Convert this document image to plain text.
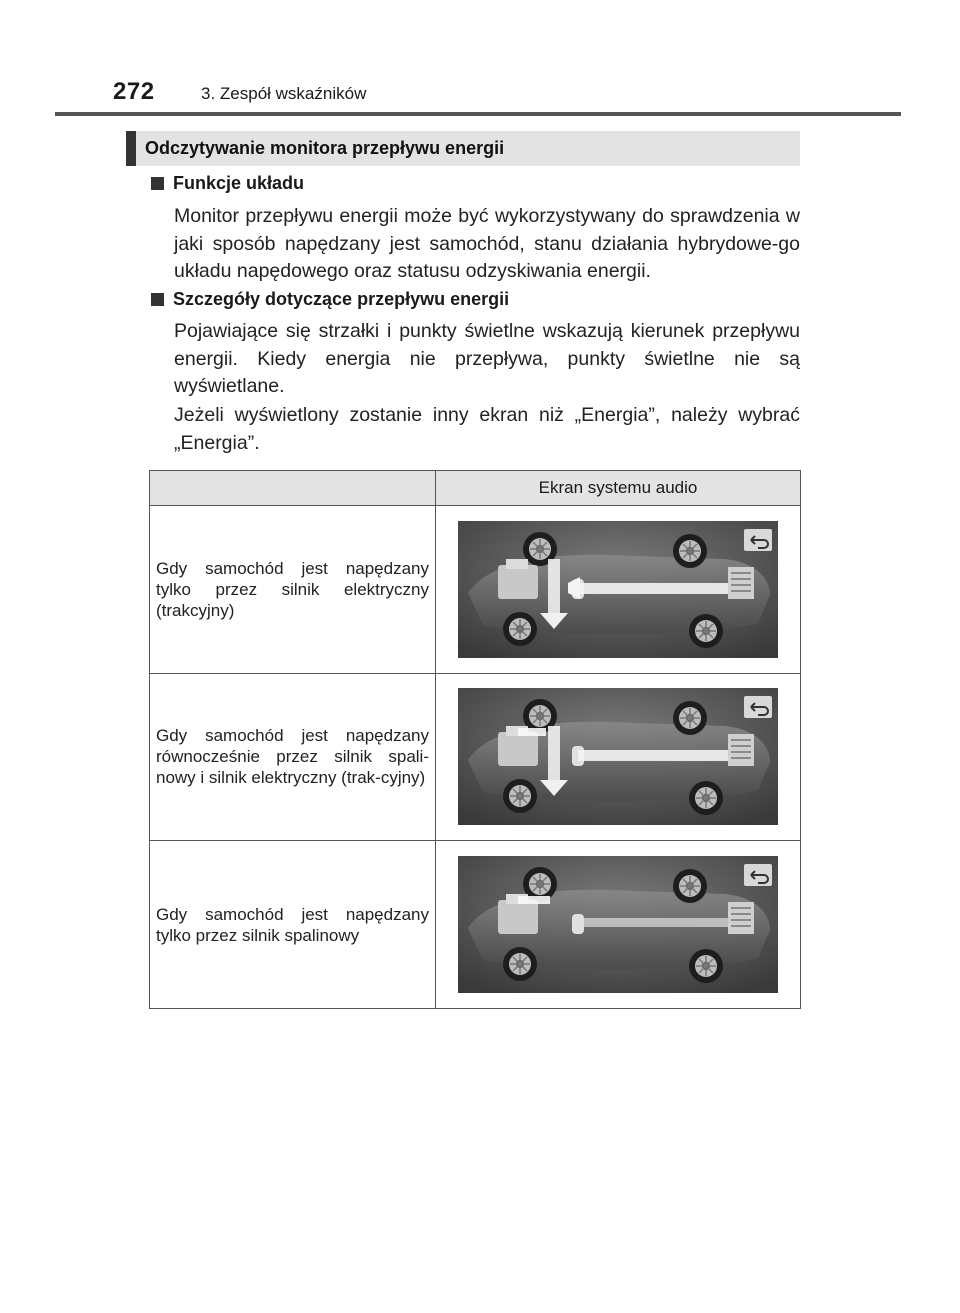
272	3. Zespół wskaźników
Odczytywanie monitora przepływu energii
Funkcje układu
Monitor przepływu energii może być wykorzystywany do sprawdzenia w jaki sposób napędzany jest samochód, stanu działania hybrydowe-go układu napędowego oraz statusu odzyskiwania energii.
Szczegóły dotyczące przepływu energii
Pojawiające się strzałki i punkty świetlne wskazują kierunek przepływu energii. Kiedy energia nie przepływa, punkty świetlne nie są wyświetlane.
Jeżeli wyświetlony zostanie inny ekran niż „Energia”, należy wybrać „Energia”.
	Ekran systemu audio
Gdy samochód jest napędzany tylko przez silnik elektryczny (trakcyjny)	

Gdy samochód jest napędzany równocześnie przez silnik spali-nowy i silnik elektryczny (trak-cyjny)	

Gdy samochód jest napędzany tylko przez silnik spalinowy	
